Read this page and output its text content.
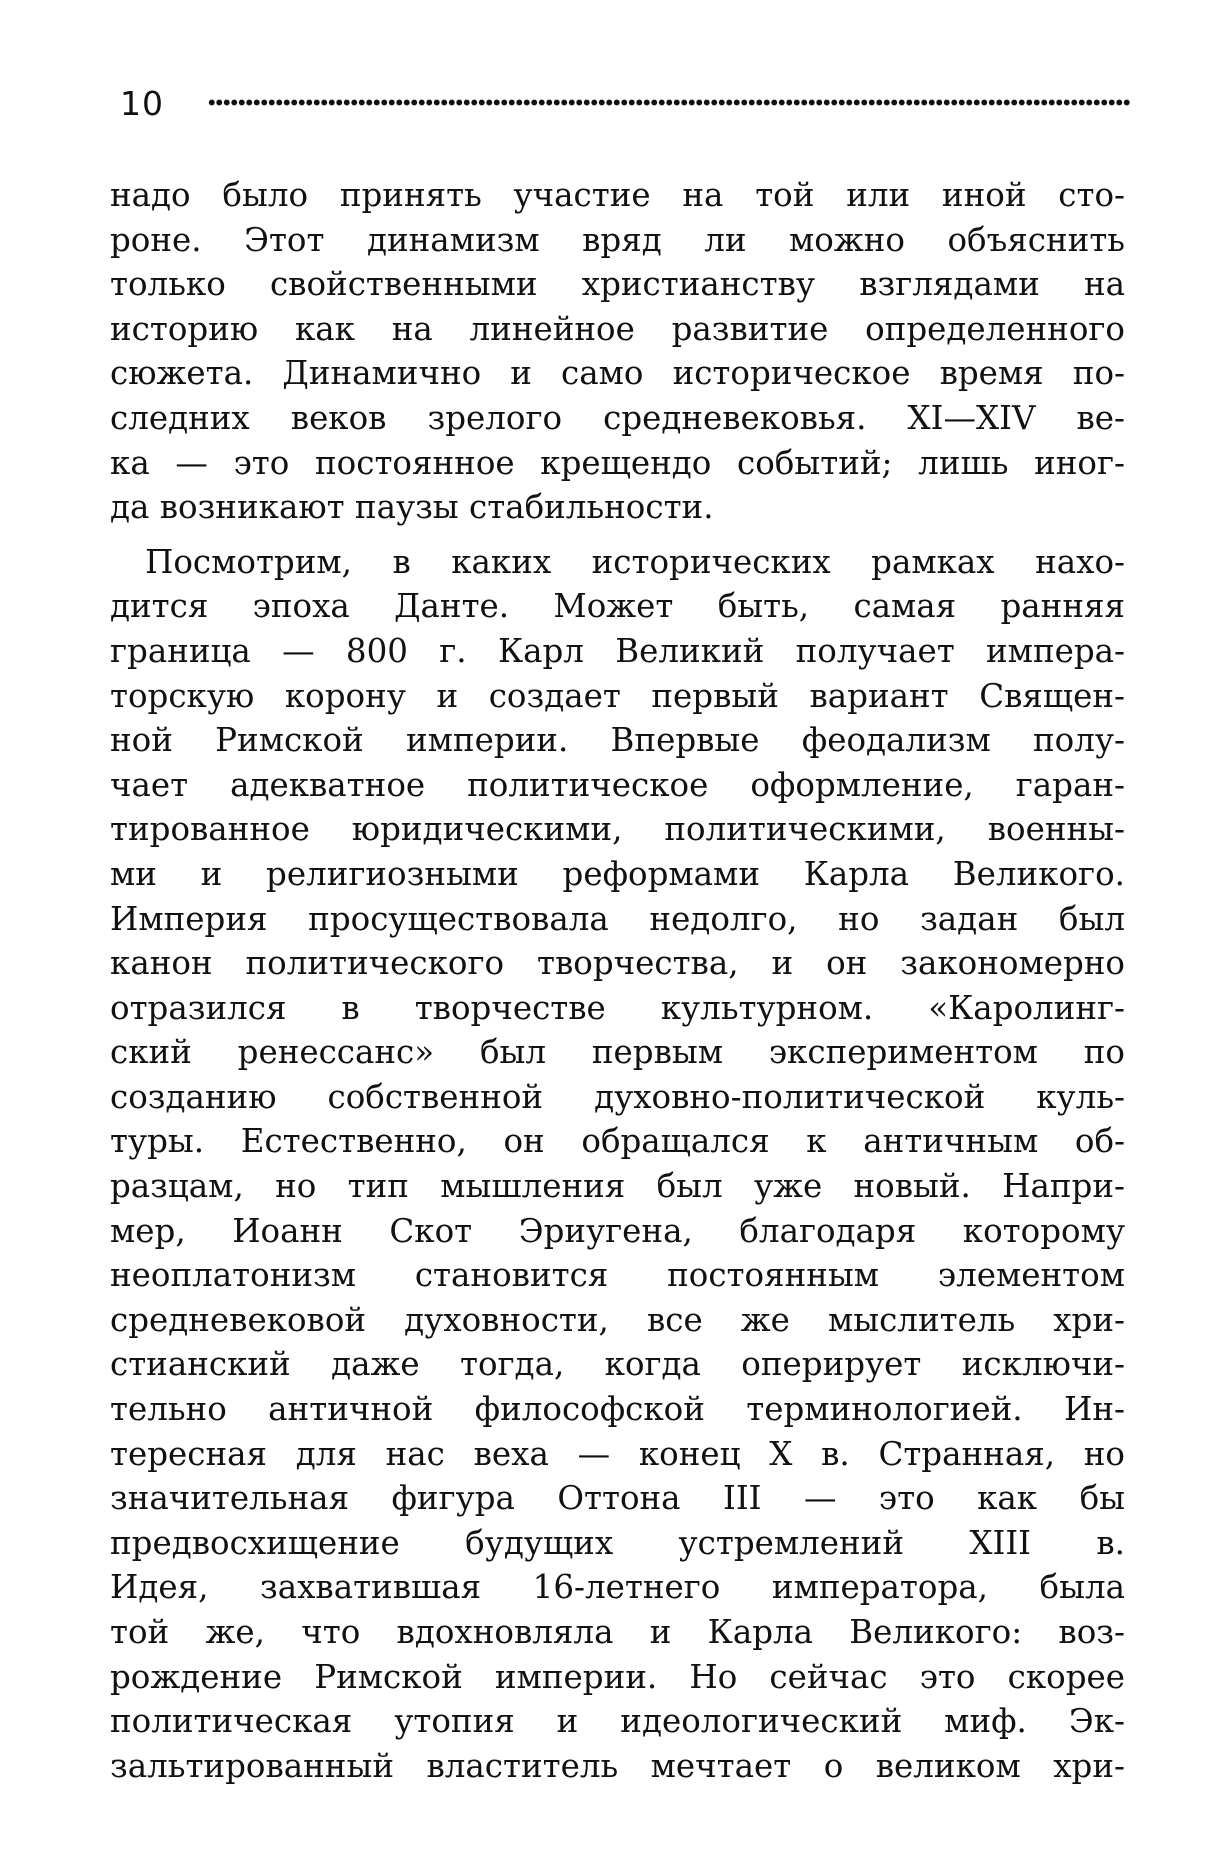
10
надо было принять участие на той или иной сто-
роне. Этот динамизм вряд ли можно объяснить
только свойственными христианству взглядами на
историю как на линейное развитие определенного
сюжета. Динамично и само историческое время по-
следних веков зрелого средневековья. XI—XIV ве-
ка — это постоянное крещендо событий; лишь иног-
да возникают паузы стабильности.
Посмотрим, в каких исторических рамках нахо-
дится эпоха Данте. Может быть, самая ранняя
граница — 800 г. Карл Великий получает импера-
торскую корону и создает первый вариант Священ-
ной Римской империи. Впервые феодализм полу-
чает адекватное политическое оформление, гаран-
тированное юридическими, политическими, военны-
ми и религиозными реформами Карла Великого.
Империя просуществовала недолго, но задан был
канон политического творчества, и он закономерно
отразился в творчестве культурном. «Каролинг-
ский ренессанс» был первым экспериментом по
созданию собственной духовно-политической куль-
туры. Естественно, он обращался к античным об-
разцам, но тип мышления был уже новый. Напри-
мер, Иоанн Скот Эриугена, благодаря которому
неоплатонизм становится постоянным элементом
средневековой духовности, все же мыслитель хри-
стианский даже тогда, когда оперирует исключи-
тельно античной философской терминологией. Ин-
тересная для нас веха — конец X в. Странная, но
значительная фигура Оттона III — это как бы
предвосхищение будущих устремлений XIII в.
Идея, захватившая 16-летнего императора, была
той же, что вдохновляла и Карла Великого: воз-
рождение Римской империи. Но сейчас это скорее
политическая утопия и идеологический миф. Эк-
зальтированный властитель мечтает о великом хри-
